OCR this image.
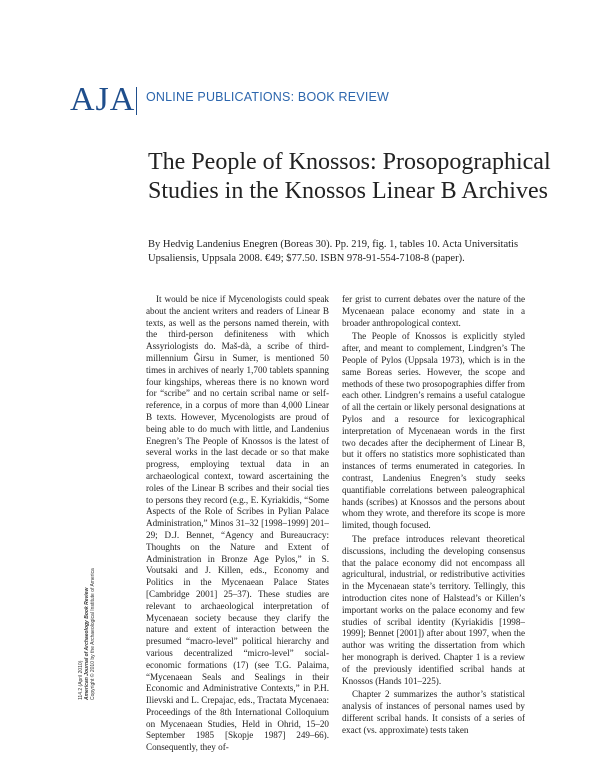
AJA ONLINE PUBLICATIONS: BOOK REVIEW
The People of Knossos: Prosopographical Studies in the Knossos Linear B Archives

By Hedvig Landenius Enegren (Boreas 30). Pp. 219, fig. 1, tables 10. Acta Universitatis Upsaliensis, Uppsala 2008. €49; $77.50. ISBN 978-91-554-7108-8 (paper).

It would be nice if Mycenologists could speak about the ancient writers and readers of Linear B texts, as well as the persons named therein, with the third-person definiteness with which Assyriologists do. Maš-dà, a scribe of third-millennium Ĝirsu in Sumer, is mentioned 50 times in archives of nearly 1,700 tablets spanning four kingships, whereas there is no known word for “scribe” and no certain scribal name or self-reference, in a corpus of more than 4,000 Linear B texts. However, Mycenologists are proud of being able to do much with little, and Landenius Enegren’s The People of Knossos is the latest of several works in the last decade or so that make progress, employing textual data in an archaeological context, toward ascertaining the roles of the Linear B scribes and their social ties to persons they record (e.g., E. Kyriakidis, “Some Aspects of the Role of Scribes in Pylian Palace Administration,” Minos 31–32 [1998–1999] 201–29; D.J. Bennet, “Agency and Bureaucracy: Thoughts on the Nature and Extent of Administration in Bronze Age Pylos,” in S. Voutsaki and J. Killen, eds., Economy and Politics in the Mycenaean Palace States [Cambridge 2001] 25–37). These studies are relevant to archaeological interpretation of Mycenaean society because they clarify the nature and extent of interaction between the presumed “macro-level” political hierarchy and various decentralized “micro-level” social-economic formations (17) (see T.G. Palaima, “Mycenaean Seals and Sealings in their Economic and Administrative Contexts,” in P.H. Ilievski and L. Crepajac, eds., Tractata Mycenaea: Proceedings of the 8th International Colloquium on Mycenaean Studies, Held in Ohrid, 15–20 September 1985 [Skopje 1987] 249–66). Consequently, they of-

fer grist to current debates over the nature of the Mycenaean palace economy and state in a broader anthropological context.

The People of Knossos is explicitly styled after, and meant to complement, Lindgren’s The People of Pylos (Uppsala 1973), which is in the same Boreas series. However, the scope and methods of these two prosopographies differ from each other. Lindgren’s remains a useful catalogue of all the certain or likely personal designations at Pylos and a resource for lexicographical interpretation of Mycenaean words in the first two decades after the decipherment of Linear B, but it offers no statistics more sophisticated than instances of terms enumerated in categories. In contrast, Landenius Enegren’s study seeks quantifiable correlations between paleographical hands (scribes) at Knossos and the persons about whom they wrote, and therefore its scope is more limited, though focused.

The preface introduces relevant theoretical discussions, including the developing consensus that the palace economy did not encompass all agricultural, industrial, or redistributive activities in the Mycenaean state’s territory. Tellingly, this introduction cites none of Halstead’s or Killen’s important works on the palace economy and few studies of scribal identity (Kyriakidis [1998–1999]; Bennet [2001]) after about 1997, when the author was writing the dissertation from which her monograph is derived. Chapter 1 is a review of the previously identified scribal hands at Knossos (Hands 101–225).

Chapter 2 summarizes the author’s statistical analysis of instances of personal names used by different scribal hands. It consists of a series of exact (vs. approximate) tests taken

114.2 (April 2010) American Journal of Archaeology Book Review Copyright © 2010 by the Archaeological Institute of America
